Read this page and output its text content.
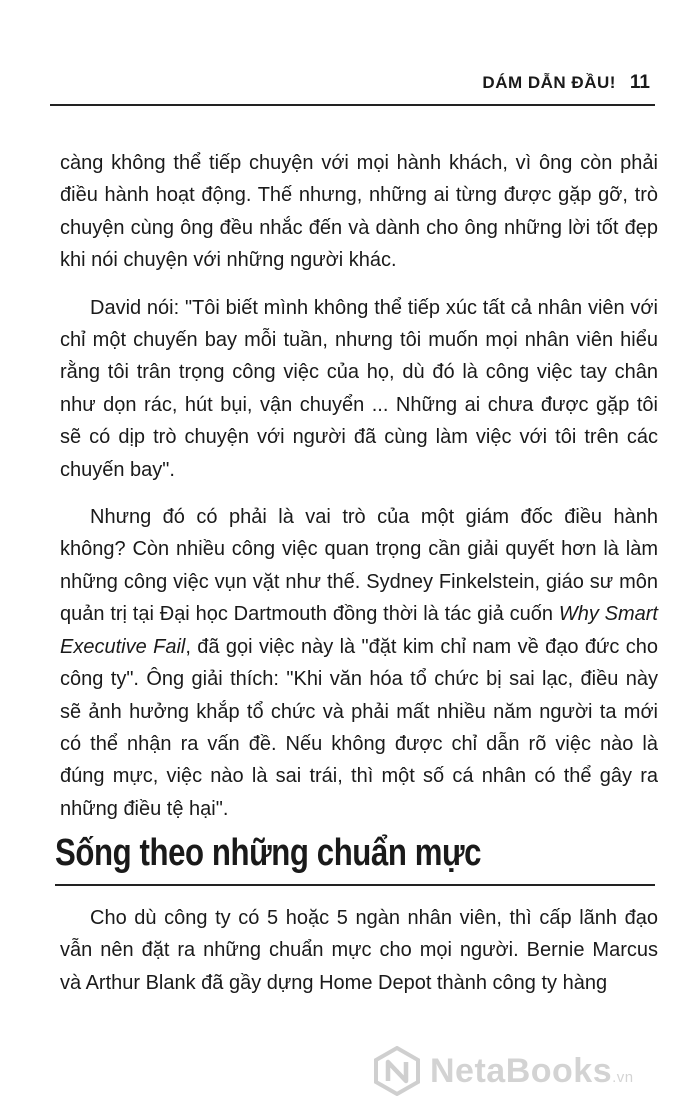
DÁM DẪN ĐẦU! 11

càng không thể tiếp chuyện với mọi hành khách, vì ông còn phải điều hành hoạt động. Thế nhưng, những ai từng được gặp gỡ, trò chuyện cùng ông đều nhắc đến và dành cho ông những lời tốt đẹp khi nói chuyện với những người khác.

David nói: "Tôi biết mình không thể tiếp xúc tất cả nhân viên với chỉ một chuyến bay mỗi tuần, nhưng tôi muốn mọi nhân viên hiểu rằng tôi trân trọng công việc của họ, dù đó là công việc tay chân như dọn rác, hút bụi, vận chuyển ... Những ai chưa được gặp tôi sẽ có dịp trò chuyện với người đã cùng làm việc với tôi trên các chuyến bay".

Nhưng đó có phải là vai trò của một giám đốc điều hành không? Còn nhiều công việc quan trọng cần giải quyết hơn là làm những công việc vụn vặt như thế. Sydney Finkelstein, giáo sư môn quản trị tại Đại học Dartmouth đồng thời là tác giả cuốn Why Smart Executive Fail, đã gọi việc này là "đặt kim chỉ nam về đạo đức cho công ty". Ông giải thích: "Khi văn hóa tổ chức bị sai lạc, điều này sẽ ảnh hưởng khắp tổ chức và phải mất nhiều năm người ta mới có thể nhận ra vấn đề. Nếu không được chỉ dẫn rõ việc nào là đúng mực, việc nào là sai trái, thì một số cá nhân có thể gây ra những điều tệ hại".

Sống theo những chuẩn mực

Cho dù công ty có 5 hoặc 5 ngàn nhân viên, thì cấp lãnh đạo vẫn nên đặt ra những chuẩn mực cho mọi người. Bernie Marcus và Arthur Blank đã gầy dựng Home Depot thành công ty hàng

NetaBooks.vn
